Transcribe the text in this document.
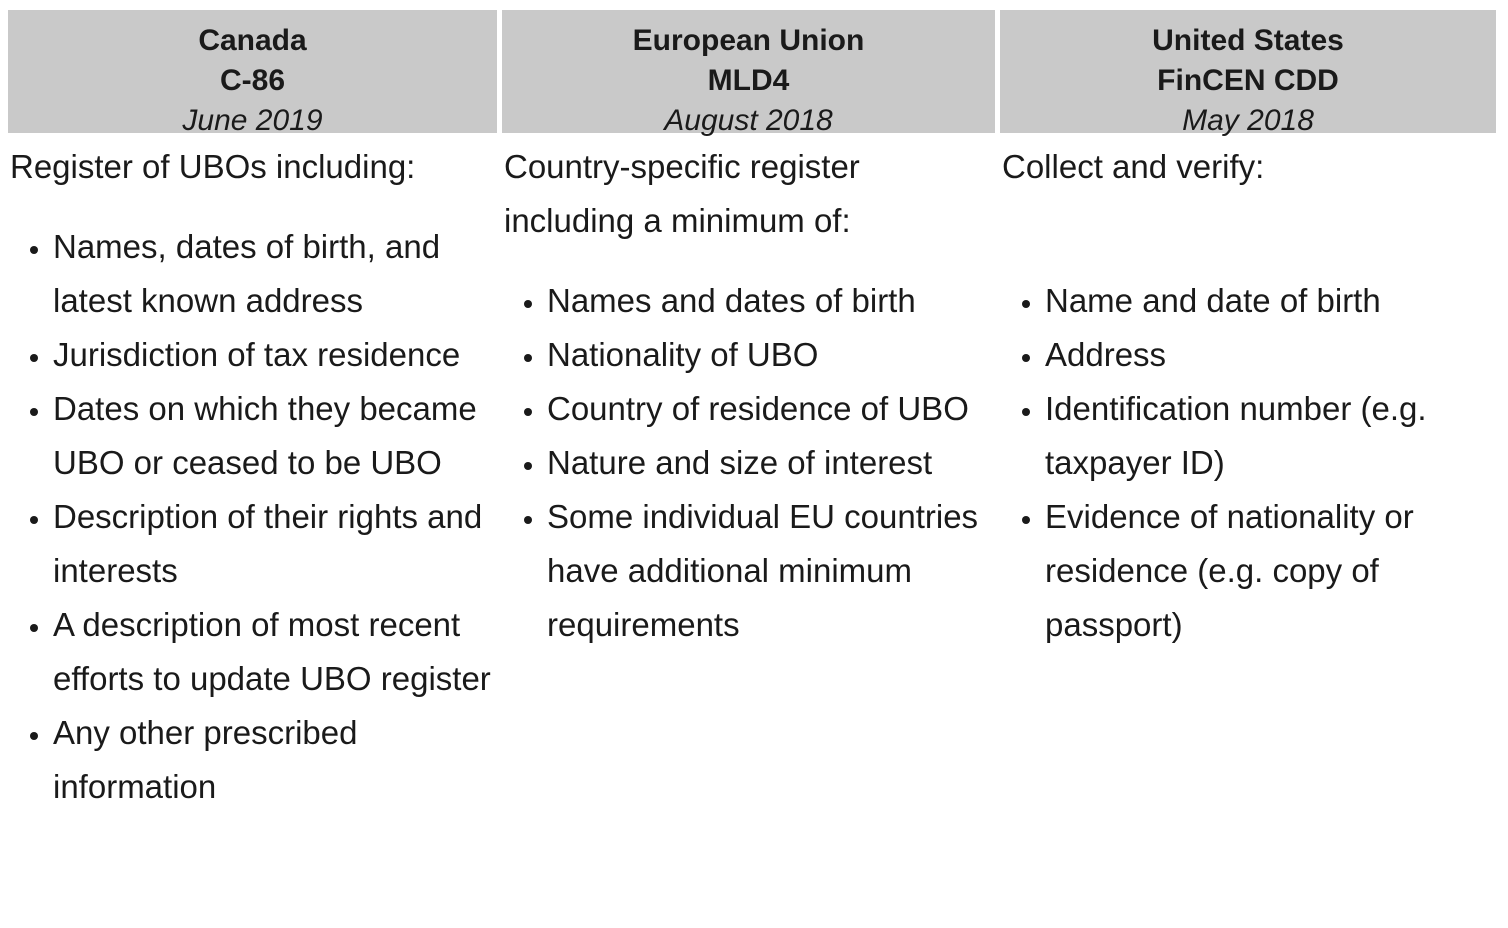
Canada
C-86
June 2019
European Union
MLD4
August 2018
United States
FinCEN CDD
May 2018

Register of UBOs including:

• Names, dates of birth, and latest known address
• Jurisdiction of tax residence
• Dates on which they became UBO or ceased to be UBO
• Description of their rights and interests
• A description of most recent efforts to update UBO register
• Any other prescribed information

Country-specific register including a minimum of:

• Names and dates of birth
• Nationality of UBO
• Country of residence of UBO
• Nature and size of interest
• Some individual EU countries have additional minimum requirements

Collect and verify:

• Name and date of birth
• Address
• Identification number (e.g. taxpayer ID)
• Evidence of nationality or residence (e.g. copy of passport)
